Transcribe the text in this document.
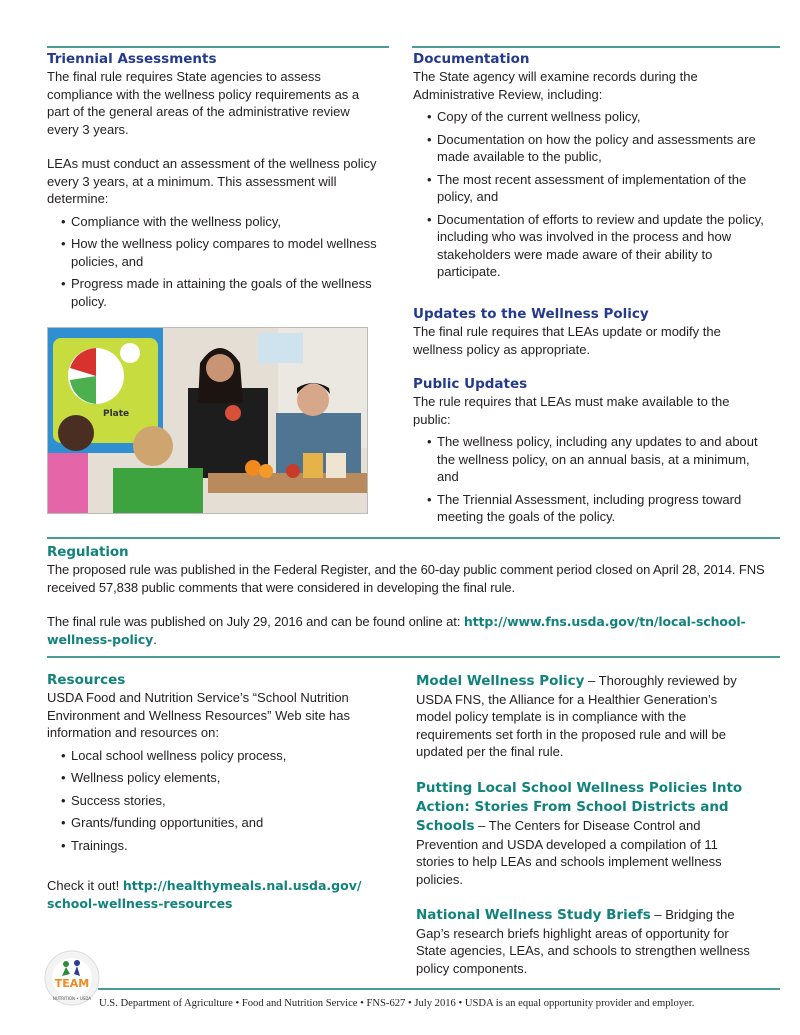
Triennial Assessments

The final rule requires State agencies to assess compliance with the wellness policy requirements as a part of the general areas of the administrative review every 3 years.

LEAs must conduct an assessment of the wellness policy every 3 years, at a minimum. This assessment will determine:

• Compliance with the wellness policy,
• How the wellness policy compares to model wellness policies, and
• Progress made in attaining the goals of the wellness policy.
Plate
Documentation

The State agency will examine records during the Administrative Review, including:

• Copy of the current wellness policy,
• Documentation on how the policy and assessments are made available to the public,
• The most recent assessment of implementation of the policy, and
• Documentation of efforts to review and update the policy, including who was involved in the process and how stakeholders were made aware of their ability to participate.
Updates to the Wellness Policy

The final rule requires that LEAs update or modify the wellness policy as appropriate.

Public Updates

The rule requires that LEAs must make available to the public:

• The wellness policy, including any updates to and about the wellness policy, on an annual basis, at a minimum, and
• The Triennial Assessment, including progress toward meeting the goals of the policy.
Regulation

The proposed rule was published in the Federal Register, and the 60-day public comment period closed on April 28, 2014. FNS received 57,838 public comments that were considered in developing the final rule.

The final rule was published on July 29, 2016 and can be found online at: http://www.fns.usda.gov/tn/local-school-wellness-policy.

Resources

USDA Food and Nutrition Service’s “School Nutrition Environment and Wellness Resources” Web site has information and resources on:

• Local school wellness policy process,
• Wellness policy elements,
• Success stories,
• Grants/funding opportunities, and
• Trainings.

Check it out! http://healthymeals.nal.usda.gov/school-wellness-resources

Model Wellness Policy – Thoroughly reviewed by USDA FNS, the Alliance for a Healthier Generation’s model policy template is in compliance with the requirements set forth in the proposed rule and will be updated per the final rule.

Putting Local School Wellness Policies Into Action: Stories From School Districts and Schools – The Centers for Disease Control and Prevention and USDA developed a compilation of 11 stories to help LEAs and schools implement wellness policies.

National Wellness Study Briefs – Bridging the Gap’s research briefs highlight areas of opportunity for State agencies, LEAs, and schools to strengthen wellness policy components.

TEAM
NUTRITION • USDA U.S. Department of Agriculture • Food and Nutrition Service • FNS-627 • July 2016 • USDA is an equal opportunity provider and employer.
